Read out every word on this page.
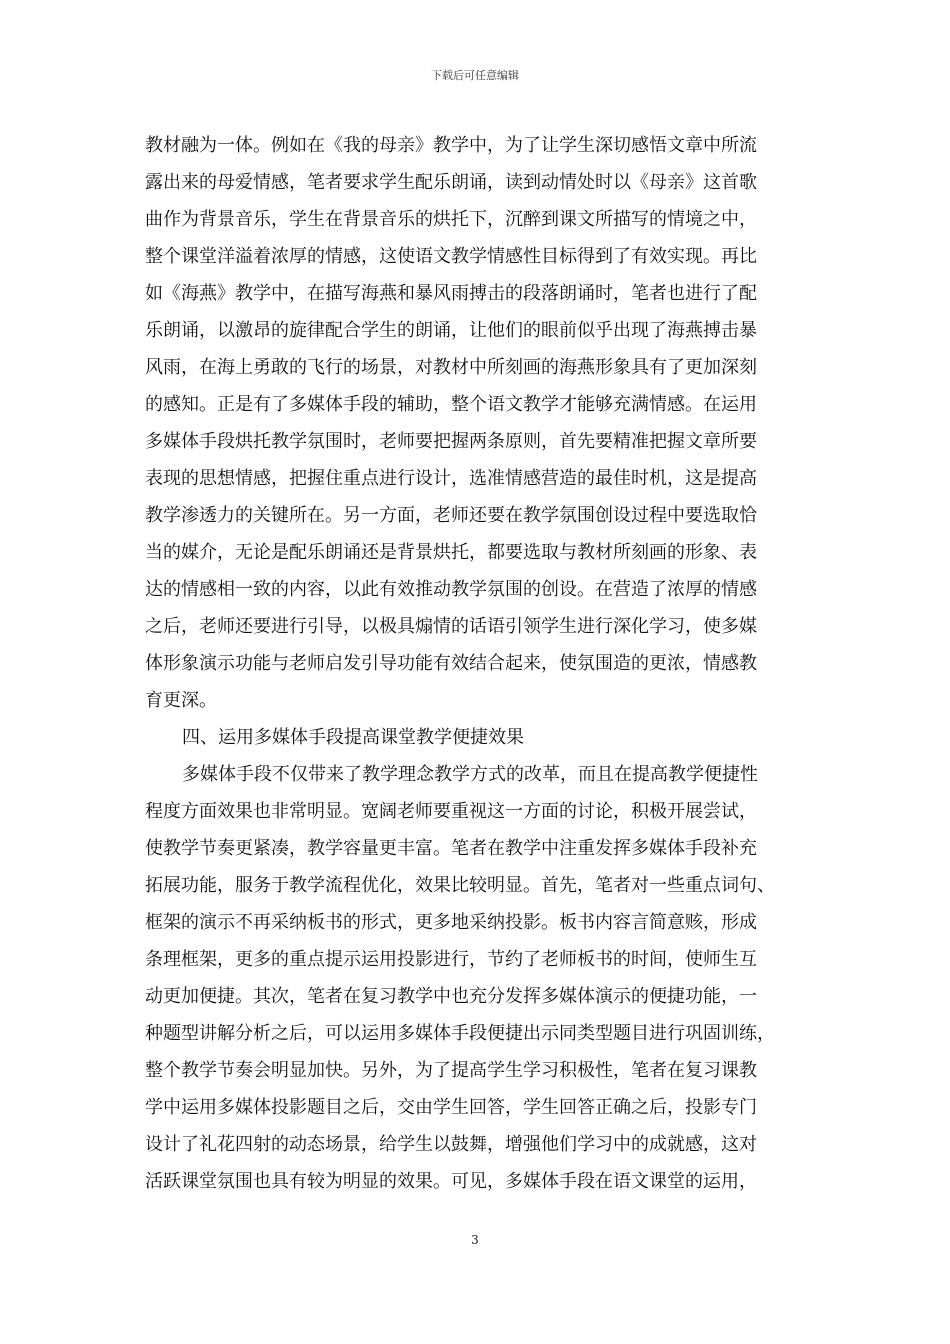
下载后可任意编辑
教材融为一体。例如在《我的母亲》教学中，为了让学生深切感悟文章中所流
露出来的母爱情感，笔者要求学生配乐朗诵，读到动情处时以《母亲》这首歌
曲作为背景音乐，学生在背景音乐的烘托下，沉醉到课文所描写的情境之中，
整个课堂洋溢着浓厚的情感，这使语文教学情感性目标得到了有效实现。再比
如《海燕》教学中，在描写海燕和暴风雨搏击的段落朗诵时，笔者也进行了配
乐朗诵，以激昂的旋律配合学生的朗诵，让他们的眼前似乎出现了海燕搏击暴
风雨，在海上勇敢的飞行的场景，对教材中所刻画的海燕形象具有了更加深刻
的感知。正是有了多媒体手段的辅助，整个语文教学才能够充满情感。在运用
多媒体手段烘托教学氛围时，老师要把握两条原则，首先要精准把握文章所要
表现的思想情感，把握住重点进行设计，选准情感营造的最佳时机，这是提高
教学渗透力的关键所在。另一方面，老师还要在教学氛围创设过程中要选取恰
当的媒介，无论是配乐朗诵还是背景烘托，都要选取与教材所刻画的形象、表
达的情感相一致的内容，以此有效推动教学氛围的创设。在营造了浓厚的情感
之后，老师还要进行引导，以极具煽情的话语引领学生进行深化学习，使多媒
体形象演示功能与老师启发引导功能有效结合起来，使氛围造的更浓，情感教
育更深。
四、运用多媒体手段提高课堂教学便捷效果
多媒体手段不仅带来了教学理念教学方式的改革，而且在提高教学便捷性
程度方面效果也非常明显。宽阔老师要重视这一方面的讨论，积极开展尝试，
使教学节奏更紧凑，教学容量更丰富。笔者在教学中注重发挥多媒体手段补充
拓展功能，服务于教学流程优化，效果比较明显。首先，笔者对一些重点词句、
框架的演示不再采纳板书的形式，更多地采纳投影。板书内容言简意赅，形成
条理框架，更多的重点提示运用投影进行，节约了老师板书的时间，使师生互
动更加便捷。其次，笔者在复习教学中也充分发挥多媒体演示的便捷功能，一
种题型讲解分析之后，可以运用多媒体手段便捷出示同类型题目进行巩固训练，
整个教学节奏会明显加快。另外，为了提高学生学习积极性，笔者在复习课教
学中运用多媒体投影题目之后，交由学生回答，学生回答正确之后，投影专门
设计了礼花四射的动态场景，给学生以鼓舞，增强他们学习中的成就感，这对
活跃课堂氛围也具有较为明显的效果。可见，多媒体手段在语文课堂的运用，
3
